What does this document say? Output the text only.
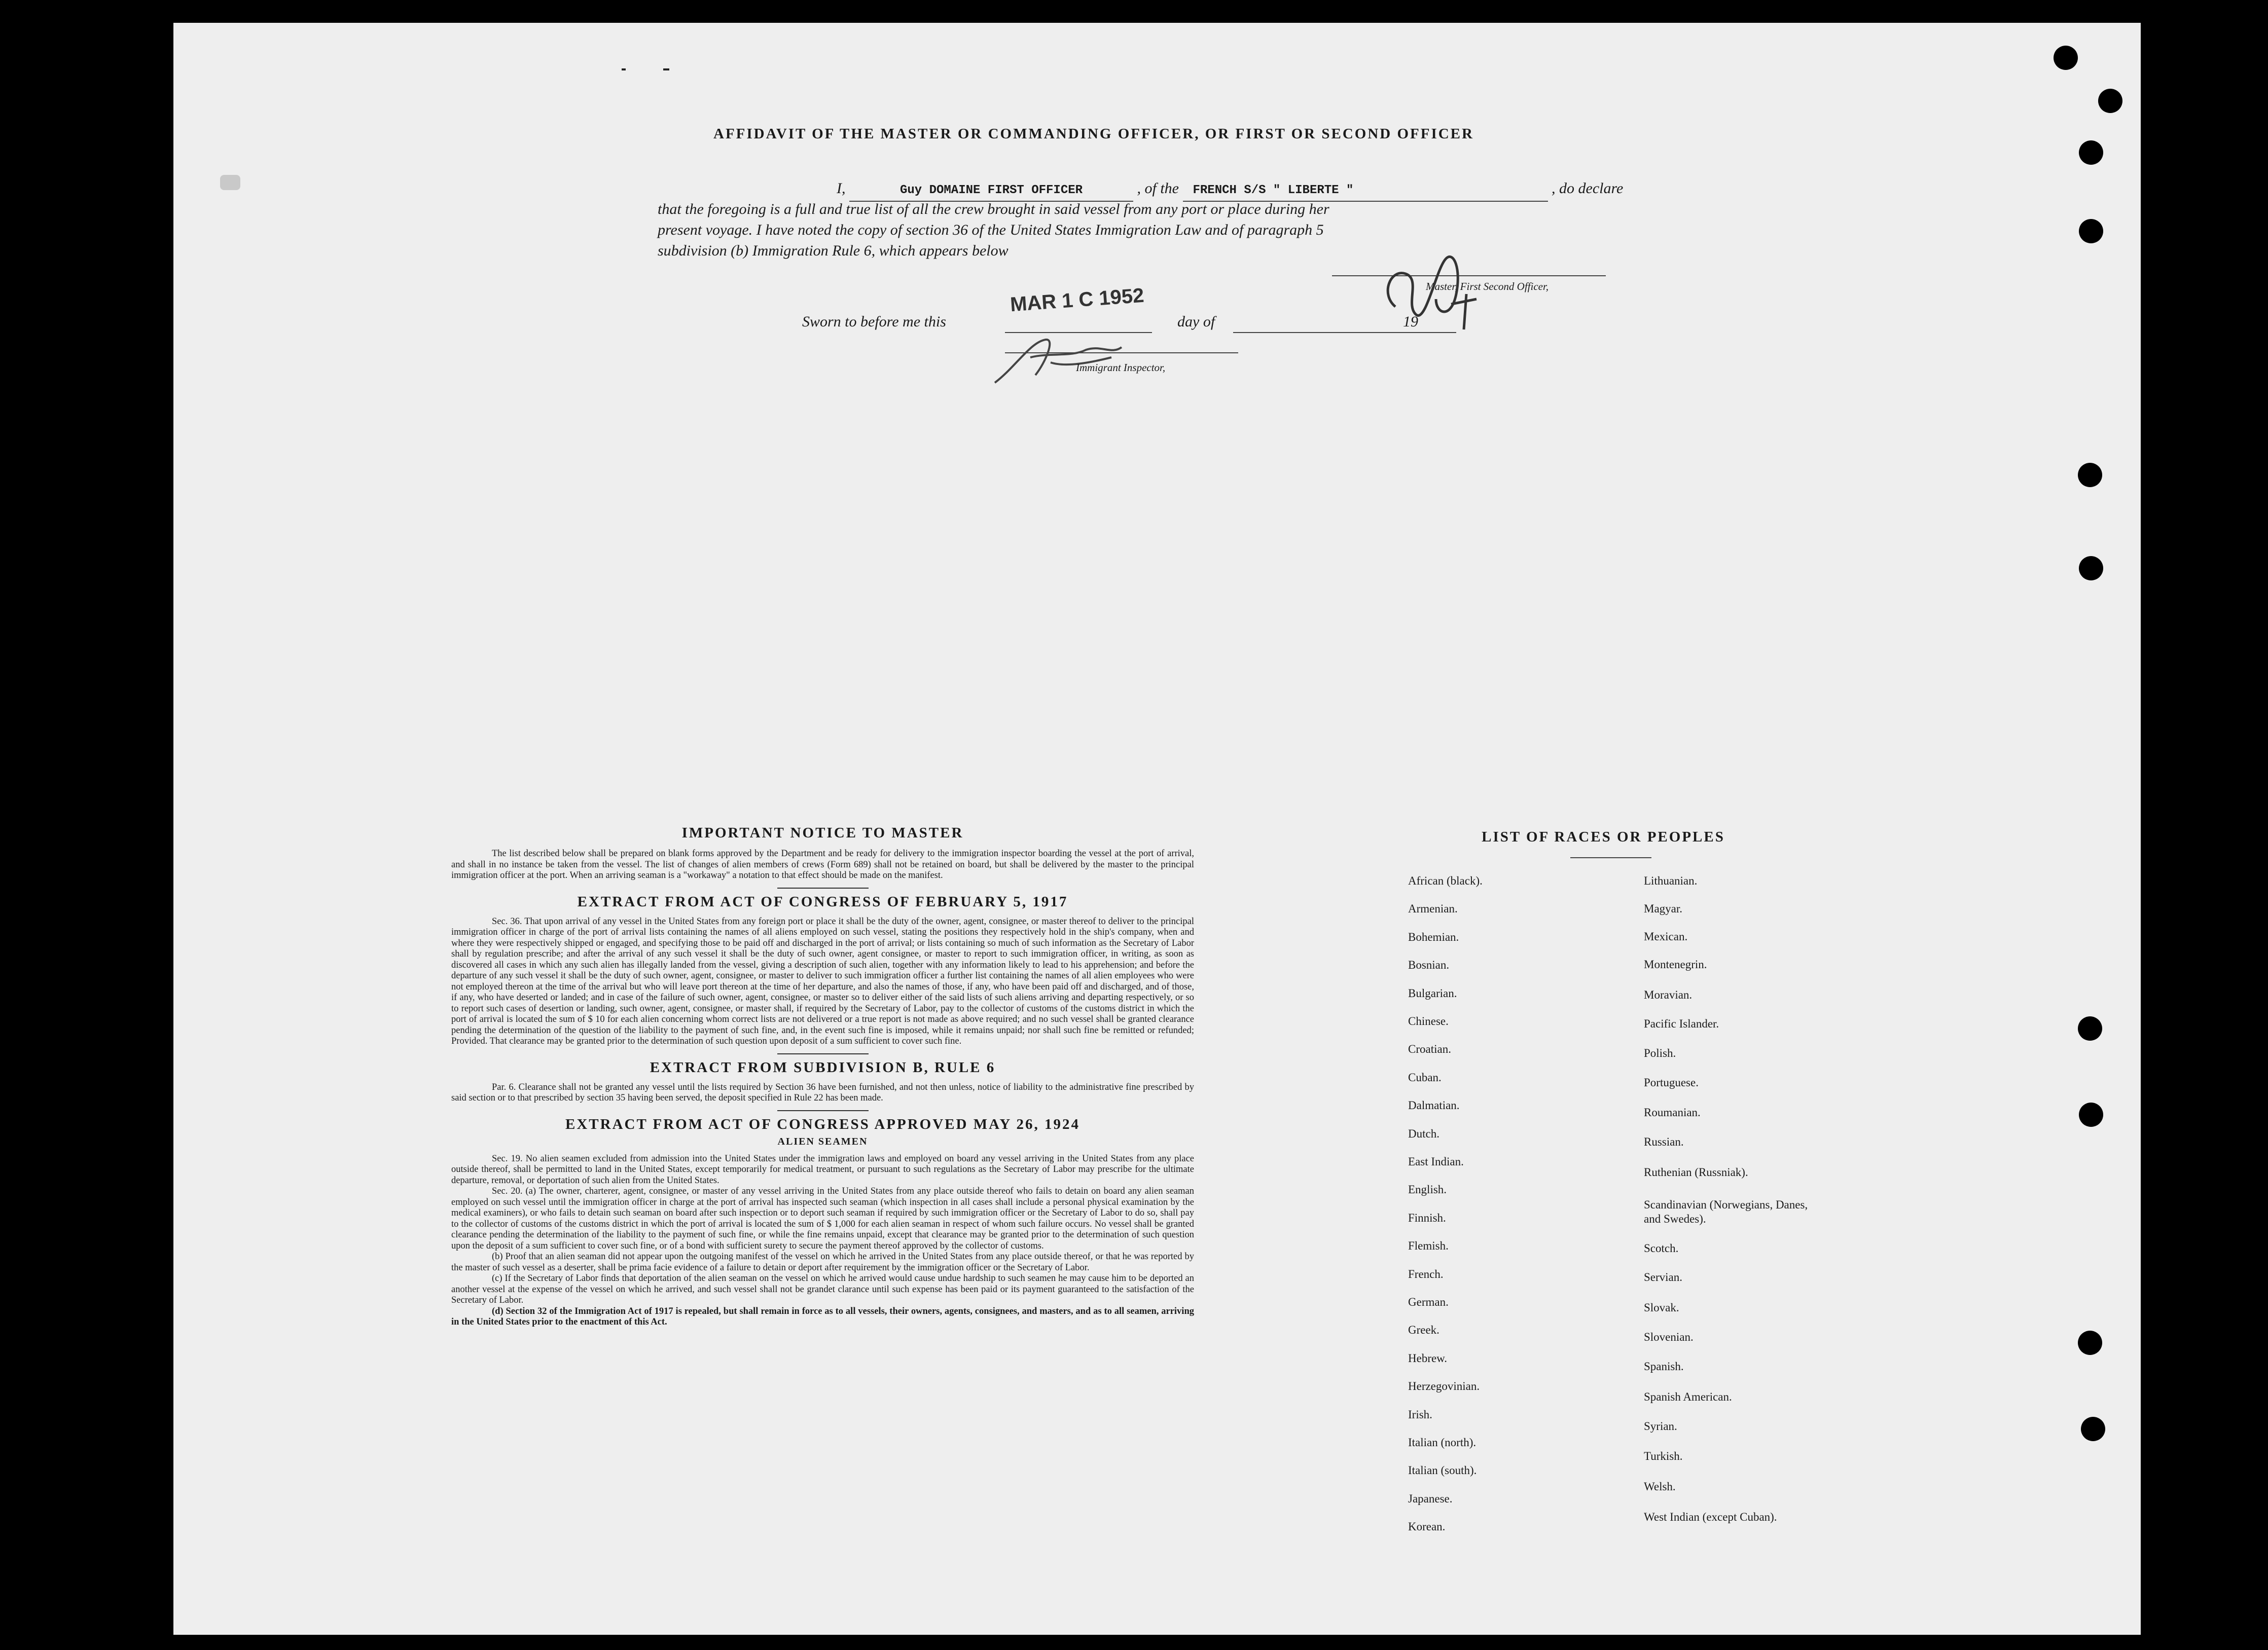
AFFIDAVIT OF THE MASTER OR COMMANDING OFFICER, OR FIRST OR SECOND OFFICER
I,	Guy DOMAINE FIRST OFFICER	, of the FRENCH S/S " LIBERTE "	, do declare
that the foregoing is a full and true list of all the crew brought in said vessel from any port or place during her
present voyage. I have noted the copy of section 36 of the United States Immigration Law and of paragraph 5
subdivision (b) Immigration Rule 6, which appears below
Master, First Second Officer,
Sworn to before me this
MAR 1 C 1952
day of	19
Immigrant Inspector,
IMPORTANT NOTICE TO MASTER
The list described below shall be prepared on blank forms approved by the Department and be ready for delivery to the immigration inspector boarding the vessel at the port of arrival, and shall in no instance be taken from the vessel. The list of changes of alien members of crews (Form 689) shall not be retained on board, but shall be delivered by the master to the principal immigration officer at the port. When an arriving seaman is a "workaway" a notation to that effect should be made on the manifest.
EXTRACT FROM ACT OF CONGRESS OF FEBRUARY 5, 1917
Sec. 36. That upon arrival of any vessel in the United States from any foreign port or place it shall be the duty of the owner, agent, consignee, or master thereof to deliver to the principal immigration officer in charge of the port of arrival lists containing the names of all aliens employed on such vessel, stating the positions they respectively hold in the ship's company, when and where they were respectively shipped or engaged, and specifying those to be paid off and discharged in the port of arrival; or lists containing so much of such information as the Secretary of Labor shall by regulation prescribe; and after the arrival of any such vessel it shall be the duty of such owner, agent consignee, or master to report to such immigration officer, in writing, as soon as discovered all cases in which any such alien has illegally landed from the vessel, giving a description of such alien, together with any information likely to lead to his apprehension; and before the departure of any such vessel it shall be the duty of such owner, agent, consignee, or master to deliver to such immigration officer a further list containing the names of all alien employees who were not employed thereon at the time of the arrival but who will leave port thereon at the time of her departure, and also the names of those, if any, who have been paid off and discharged, and of those, if any, who have deserted or landed; and in case of the failure of such owner, agent, consignee, or master so to deliver either of the said lists of such aliens arriving and departing respectively, or so to report such cases of desertion or landing, such owner, agent, consignee, or master shall, if required by the Secretary of Labor, pay to the collector of customs of the customs district in which the port of arrival is located the sum of $ 10 for each alien concerning whom correct lists are not delivered or a true report is not made as above required; and no such vessel shall be granted clearance pending the determination of the question of the liability to the payment of such fine, and, in the event such fine is imposed, while it remains unpaid; nor shall such fine be remitted or refunded; Provided. That clearance may be granted prior to the determination of such question upon deposit of a sum sufficient to cover such fine.
EXTRACT FROM SUBDIVISION B, RULE 6
Par. 6. Clearance shall not be granted any vessel until the lists required by Section 36 have been furnished, and not then unless, notice of liability to the administrative fine prescribed by said section or to that prescribed by section 35 having been served, the deposit specified in Rule 22 has been made.
EXTRACT FROM ACT OF CONGRESS APPROVED MAY 26, 1924
ALIEN SEAMEN
Sec. 19. No alien seamen excluded from admission into the United States under the immigration laws and employed on board any vessel arriving in the United States from any place outside thereof, shall be permitted to land in the United States, except temporarily for medical treatment, or pursuant to such regulations as the Secretary of Labor may prescribe for the ultimate departure, removal, or deportation of such alien from the United States.
Sec. 20. (a) The owner, charterer, agent, consignee, or master of any vessel arriving in the United States from any place outside thereof who fails to detain on board any alien seaman employed on such vessel until the immigration officer in charge at the port of arrival has inspected such seaman (which inspection in all cases shall include a personal physical examination by the medical examiners), or who fails to detain such seaman on board after such inspection or to deport such seaman if required by such immigration officer or the Secretary of Labor to do so, shall pay to the collector of customs of the customs district in which the port of arrival is located the sum of $ 1,000 for each alien seaman in respect of whom such failure occurs. No vessel shall be granted clearance pending the determination of the liability to the payment of such fine, or while the fine remains unpaid, except that clearance may be granted prior to the determination of such question upon the deposit of a sum sufficient to cover such fine, or of a bond with sufficient surety to secure the payment thereof approved by the collector of customs.
(b) Proof that an alien seaman did not appear upon the outgoing manifest of the vessel on which he arrived in the United States from any place outside thereof, or that he was reported by the master of such vessel as a deserter, shall be prima facie evidence of a failure to detain or deport after requirement by the immigration officer or the Secretary of Labor.
(c) If the Secretary of Labor finds that deportation of the alien seaman on the vessel on which he arrived would cause undue hardship to such seamen he may cause him to be deported an another vessel at the expense of the vessel on which he arrived, and such vessel shall not be grandet clarance until such expense has been paid or its payment guaranteed to the satisfaction of the Secretary of Labor.
(d) Section 32 of the Immigration Act of 1917 is repealed, but shall remain in force as to all vessels, their owners, agents, consignees, and masters, and as to all seamen, arriving in the United States prior to the enactment of this Act.
LIST OF RACES OR PEOPLES
African (black).
Armenian.
Bohemian.
Bosnian.
Bulgarian.
Chinese.
Croatian.
Cuban.
Dalmatian.
Dutch.
East Indian.
English.
Finnish.
Flemish.
French.
German.
Greek.
Hebrew.
Herzegovinian.
Irish.
Italian (north).
Italian (south).
Japanese.
Korean.
Lithuanian.
Magyar.
Mexican.
Montenegrin.
Moravian.
Pacific Islander.
Polish.
Portuguese.
Roumanian.
Russian.
Ruthenian (Russniak).
Scandinavian (Norwegians, Danes, and Swedes).
Scotch.
Servian.
Slovak.
Slovenian.
Spanish.
Spanish American.
Syrian.
Turkish.
Welsh.
West Indian (except Cuban).
